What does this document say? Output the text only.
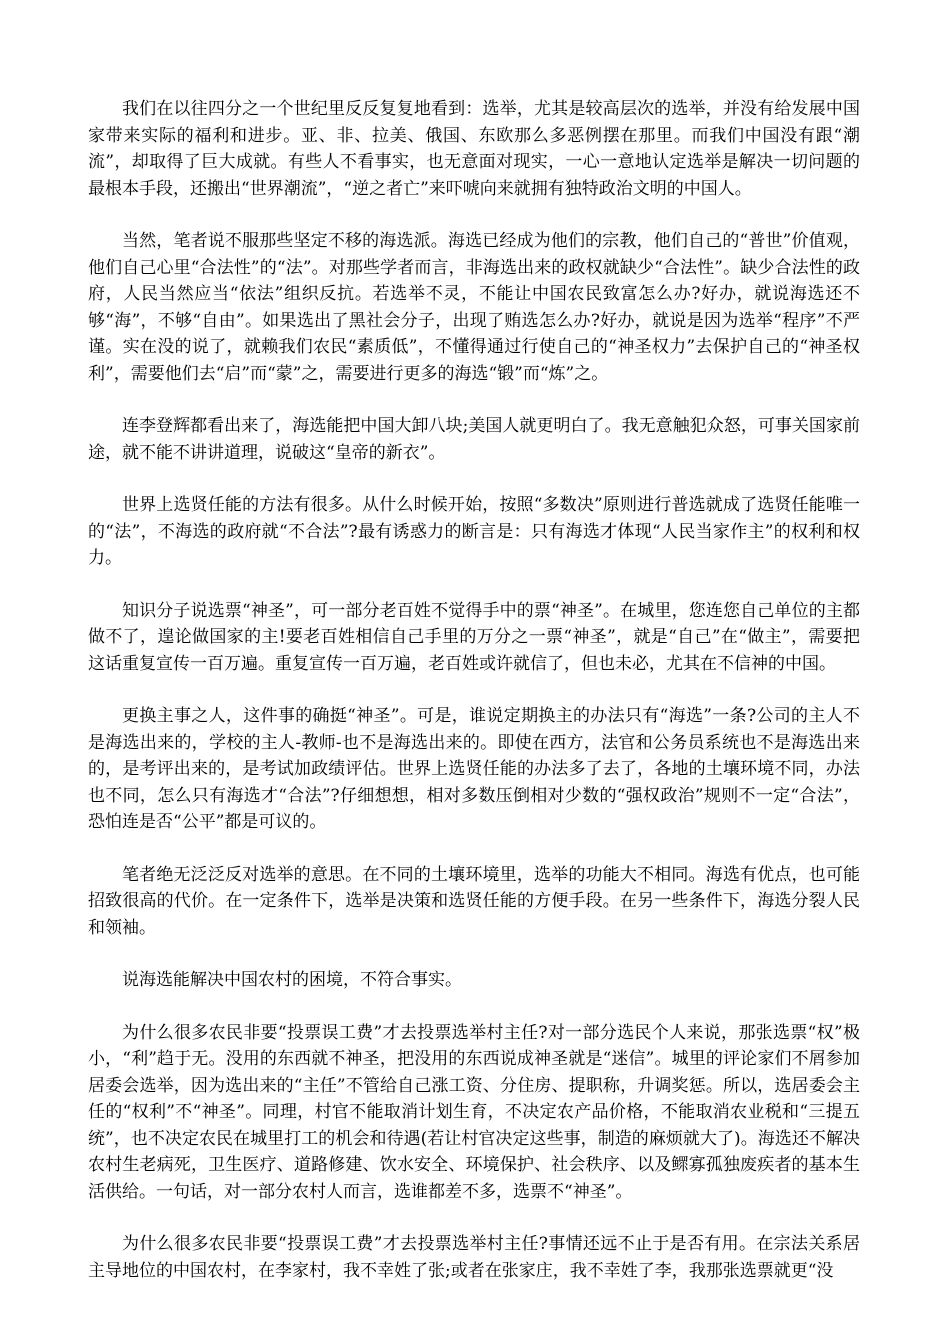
我们在以往四分之一个世纪里反反复复地看到：选举，尤其是较高层次的选举，并没有给发展中国家带来实际的福利和进步。亚、非、拉美、俄国、东欧那么多恶例摆在那里。而我们中国没有跟“潮流”，却取得了巨大成就。有些人不看事实，也无意面对现实，一心一意地认定选举是解决一切问题的最根本手段，还搬出“世界潮流”，“逆之者亡”来吓唬向来就拥有独特政治文明的中国人。

当然，笔者说不服那些坚定不移的海选派。海选已经成为他们的宗教，他们自己的“普世”价值观，他们自己心里“合法性”的“法”。对那些学者而言，非海选出来的政权就缺少“合法性”。缺少合法性的政府，人民当然应当“依法”组织反抗。若选举不灵，不能让中国农民致富怎么办?好办，就说海选还不够“海”，不够“自由”。如果选出了黑社会分子，出现了贿选怎么办?好办，就说是因为选举“程序”不严谨。实在没的说了，就赖我们农民“素质低”，不懂得通过行使自己的“神圣权力”去保护自己的“神圣权利”，需要他们去“启”而“蒙”之，需要进行更多的海选“锻”而“炼”之。

连李登辉都看出来了，海选能把中国大卸八块;美国人就更明白了。我无意触犯众怒，可事关国家前途，就不能不讲讲道理，说破这“皇帝的新衣”。

世界上选贤任能的方法有很多。从什么时候开始，按照“多数决”原则进行普选就成了选贤任能唯一的“法”，不海选的政府就“不合法”?最有诱惑力的断言是：只有海选才体现“人民当家作主”的权利和权力。

知识分子说选票“神圣”，可一部分老百姓不觉得手中的票“神圣”。在城里，您连您自己单位的主都做不了，遑论做国家的主!要老百姓相信自己手里的万分之一票“神圣”，就是“自己”在“做主”，需要把这话重复宣传一百万遍。重复宣传一百万遍，老百姓或许就信了，但也未必，尤其在不信神的中国。

更换主事之人，这件事的确挺“神圣”。可是，谁说定期换主的办法只有“海选”一条?公司的主人不是海选出来的，学校的主人-教师-也不是海选出来的。即使在西方，法官和公务员系统也不是海选出来的，是考评出来的，是考试加政绩评估。世界上选贤任能的办法多了去了，各地的土壤环境不同，办法也不同，怎么只有海选才“合法”?仔细想想，相对多数压倒相对少数的“强权政治”规则不一定“合法”，恐怕连是否“公平”都是可议的。

笔者绝无泛泛反对选举的意思。在不同的土壤环境里，选举的功能大不相同。海选有优点，也可能招致很高的代价。在一定条件下，选举是决策和选贤任能的方便手段。在另一些条件下，海选分裂人民和领袖。

说海选能解决中国农村的困境，不符合事实。

为什么很多农民非要“投票误工费”才去投票选举村主任?对一部分选民个人来说，那张选票“权”极小，“利”趋于无。没用的东西就不神圣，把没用的东西说成神圣就是“迷信”。城里的评论家们不屑参加居委会选举，因为选出来的“主任”不管给自己涨工资、分住房、提职称，升调奖惩。所以，选居委会主任的“权利”不“神圣”。同理，村官不能取消计划生育，不决定农产品价格，不能取消农业税和“三提五统”，也不决定农民在城里打工的机会和待遇(若让村官决定这些事，制造的麻烦就大了)。海选还不解决农村生老病死，卫生医疗、道路修建、饮水安全、环境保护、社会秩序、以及鳏寡孤独废疾者的基本生活供给。一句话，对一部分农村人而言，选谁都差不多，选票不“神圣”。

为什么很多农民非要“投票误工费”才去投票选举村主任?事情还远不止于是否有用。在宗法关系居主导地位的中国农村，在李家村，我不幸姓了张;或者在张家庄，我不幸姓了李，我那张选票就更“没
